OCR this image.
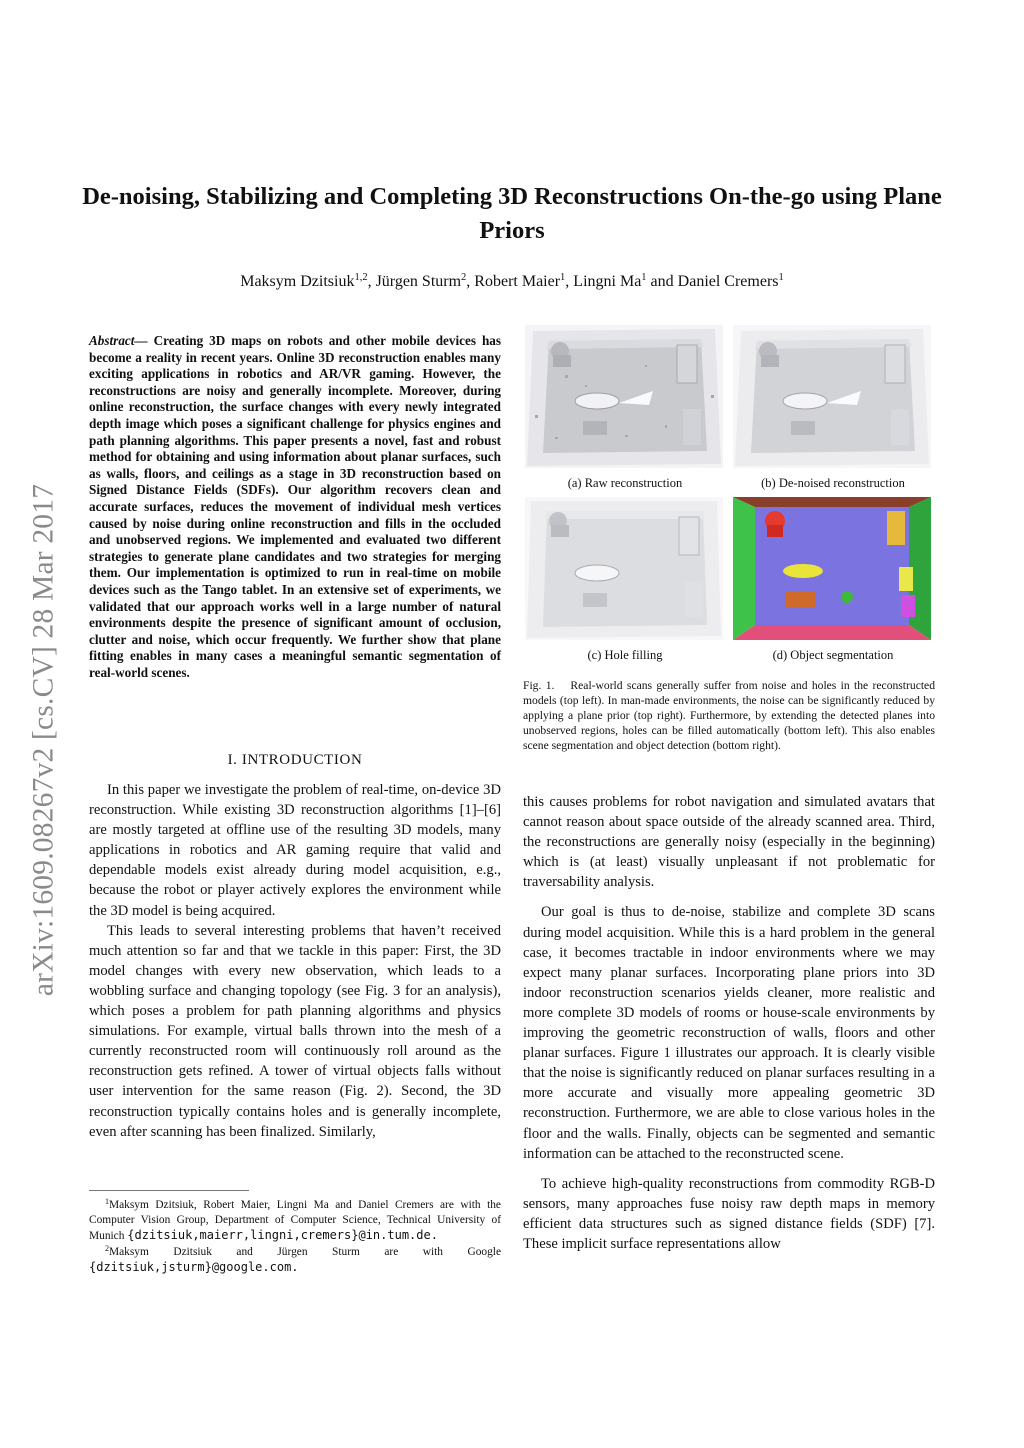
De-noising, Stabilizing and Completing 3D Reconstructions On-the-go using Plane Priors
Maksym Dzitsiuk$^{1,2}$, Jürgen Sturm$^2$, Robert Maier$^1$, Lingni Ma$^1$ and Daniel Cremers$^1$
arXiv:1609.08267v2 [cs.CV] 28 Mar 2017
Abstract— Creating 3D maps on robots and other mobile devices has become a reality in recent years. Online 3D reconstruction enables many exciting applications in robotics and AR/VR gaming. However, the reconstructions are noisy and generally incomplete. Moreover, during online reconstruction, the surface changes with every newly integrated depth image which poses a significant challenge for physics engines and path planning algorithms. This paper presents a novel, fast and robust method for obtaining and using information about planar surfaces, such as walls, floors, and ceilings as a stage in 3D reconstruction based on Signed Distance Fields (SDFs). Our algorithm recovers clean and accurate surfaces, reduces the movement of individual mesh vertices caused by noise during online reconstruction and fills in the occluded and unobserved regions. We implemented and evaluated two different strategies to generate plane candidates and two strategies for merging them. Our implementation is optimized to run in real-time on mobile devices such as the Tango tablet. In an extensive set of experiments, we validated that our approach works well in a large number of natural environments despite the presence of significant amount of occlusion, clutter and noise, which occur frequently. We further show that plane fitting enables in many cases a meaningful semantic segmentation of real-world scenes.
I. INTRODUCTION

In this paper we investigate the problem of real-time, on-device 3D reconstruction. While existing 3D reconstruction algorithms [1]–[6] are mostly targeted at offline use of the resulting 3D models, many applications in robotics and AR gaming require that valid and dependable models exist already during model acquisition, e.g., because the robot or player actively explores the environment while the 3D model is being acquired.

This leads to several interesting problems that haven’t received much attention so far and that we tackle in this paper: First, the 3D model changes with every new observation, which leads to a wobbling surface and changing topology (see Fig. 3 for an analysis), which poses a problem for path planning algorithms and physics simulations. For example, virtual balls thrown into the mesh of a currently reconstructed room will continuously roll around as the reconstruction gets refined. A tower of virtual objects falls without user intervention for the same reason (Fig. 2). Second, the 3D reconstruction typically contains holes and is generally incomplete, even after scanning has been finalized. Similarly,

$^1$Maksym Dzitsiuk, Robert Maier, Lingni Ma and Daniel Cremers are with the Computer Vision Group, Department of Computer Science, Technical University of Munich {dzitsiuk,maierr,lingni,cremers}@in.tum.de.
$^2$Maksym Dzitsiuk and Jürgen Sturm are with Google {dzitsiuk,jsturm}@google.com.
(a) Raw reconstruction	(b) De-noised reconstruction
(c) Hole filling	(d) Object segmentation
Fig. 1. Real-world scans generally suffer from noise and holes in the reconstructed models (top left). In man-made environments, the noise can be significantly reduced by applying a plane prior (top right). Furthermore, by extending the detected planes into unobserved regions, holes can be filled automatically (bottom left). This also enables scene segmentation and object detection (bottom right).

this causes problems for robot navigation and simulated avatars that cannot reason about space outside of the already scanned area. Third, the reconstructions are generally noisy (especially in the beginning) which is (at least) visually unpleasant if not problematic for traversability analysis.

Our goal is thus to de-noise, stabilize and complete 3D scans during model acquisition. While this is a hard problem in the general case, it becomes tractable in indoor environments where we may expect many planar surfaces. Incorporating plane priors into 3D indoor reconstruction scenarios yields cleaner, more realistic and more complete 3D models of rooms or house-scale environments by improving the geometric reconstruction of walls, floors and other planar surfaces. Figure 1 illustrates our approach. It is clearly visible that the noise is significantly reduced on planar surfaces resulting in a more accurate and visually more appealing geometric 3D reconstruction. Furthermore, we are able to close various holes in the floor and the walls. Finally, objects can be segmented and semantic information can be attached to the reconstructed scene.

To achieve high-quality reconstructions from commodity RGB-D sensors, many approaches fuse noisy raw depth maps in memory efficient data structures such as signed distance fields (SDF) [7]. These implicit surface representations allow
